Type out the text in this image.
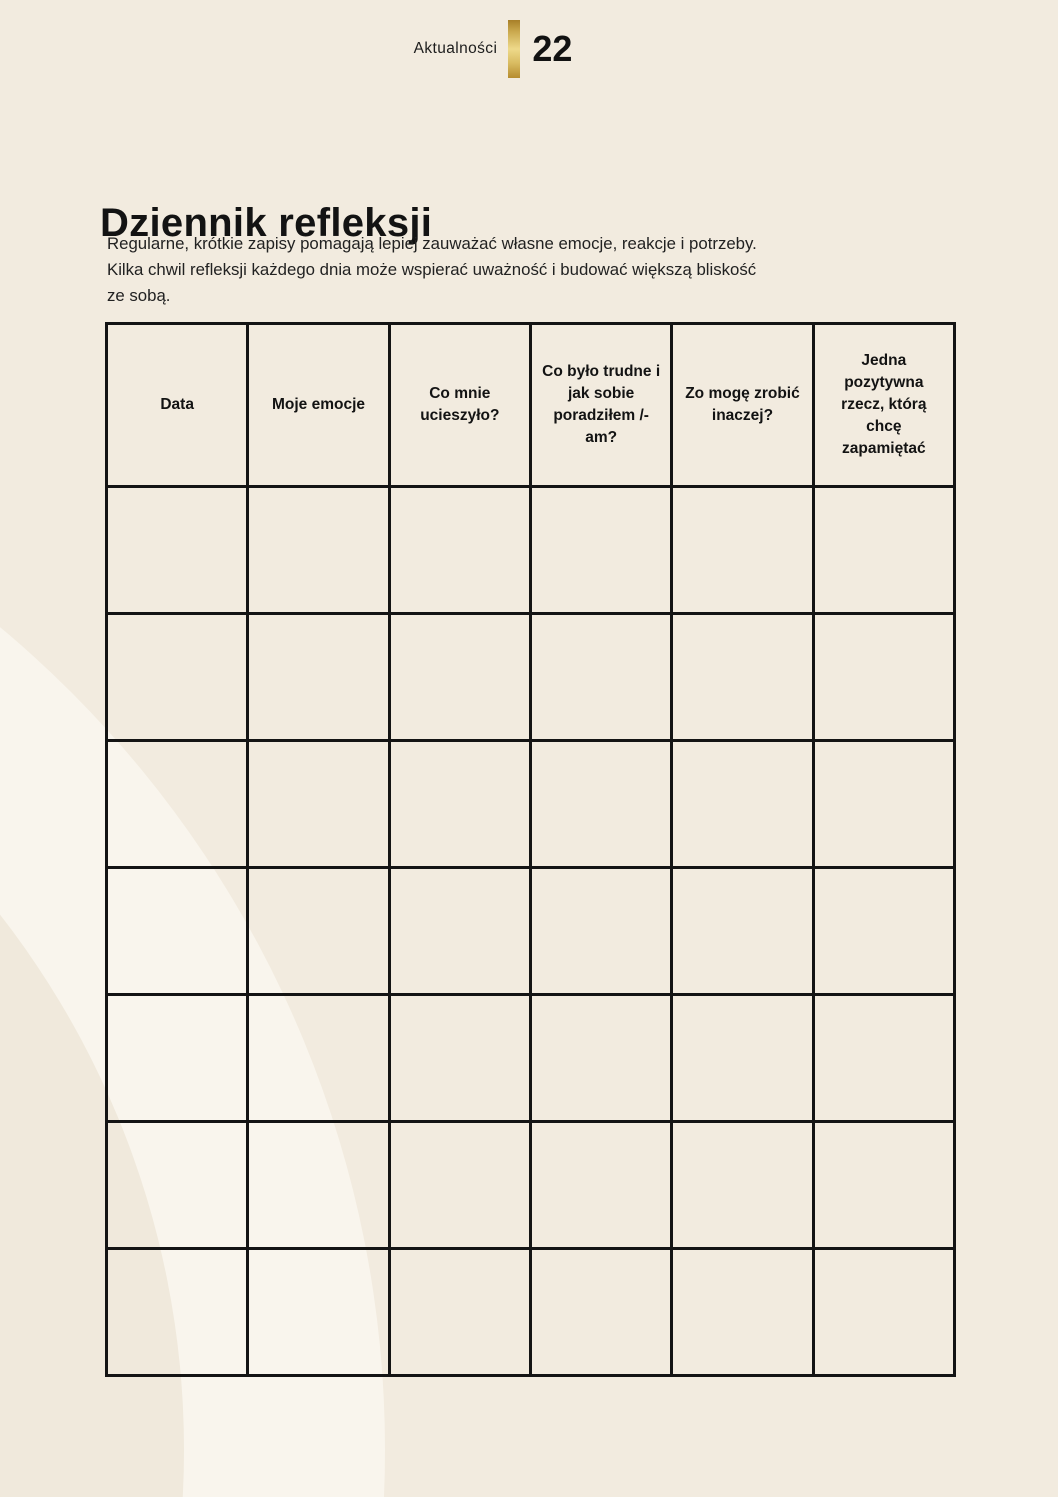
Aktualności 22
Dziennik refleksji
Regularne, krótkie zapisy pomagają lepiej zauważać własne emocje, reakcje i potrzeby.
Kilka chwil refleksji każdego dnia może wspierać uważność i budować większą bliskość
ze sobą.
Data	Moje emocje	Co mnie ucieszyło?	Co było trudne i jak sobie poradziłem /-am?	Zo mogę zrobić inaczej?	Jedna pozytywna rzecz, którą chcę zapamiętać
